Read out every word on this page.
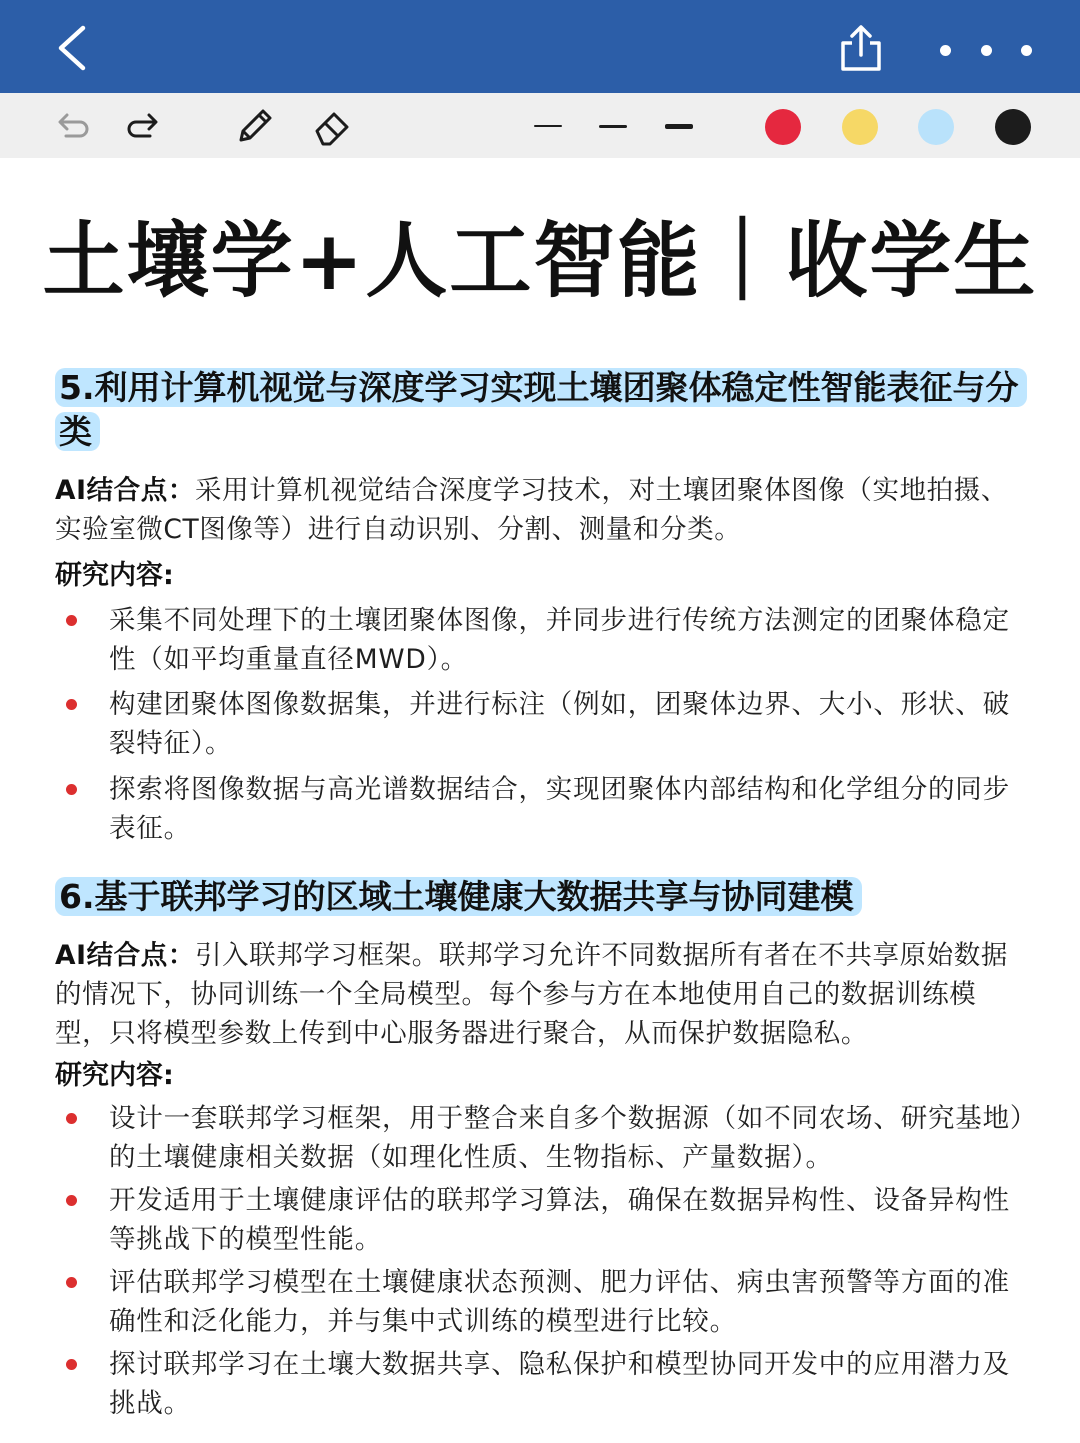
土壤学+人工智能｜收学生
5.利用计算机视觉与深度学习实现土壤团聚体稳定性智能表征与分类

AI结合点：采用计算机视觉结合深度学习技术，对土壤团聚体图像（实地拍摄、实验室微CT图像等）进行自动识别、分割、测量和分类。

研究内容:

采集不同处理下的土壤团聚体图像，并同步进行传统方法测定的团聚体稳定性（如平均重量直径MWD）。
构建团聚体图像数据集，并进行标注（例如，团聚体边界、大小、形状、破裂特征）。
探索将图像数据与高光谱数据结合，实现团聚体内部结构和化学组分的同步表征。
6.基于联邦学习的区域土壤健康大数据共享与协同建模

AI结合点：引入联邦学习框架。联邦学习允许不同数据所有者在不共享原始数据的情况下，协同训练一个全局模型。每个参与方在本地使用自己的数据训练模型，只将模型参数上传到中心服务器进行聚合，从而保护数据隐私。

研究内容:

设计一套联邦学习框架，用于整合来自多个数据源（如不同农场、研究基地）的土壤健康相关数据（如理化性质、生物指标、产量数据）。
开发适用于土壤健康评估的联邦学习算法，确保在数据异构性、设备异构性等挑战下的模型性能。
评估联邦学习模型在土壤健康状态预测、肥力评估、病虫害预警等方面的准确性和泛化能力，并与集中式训练的模型进行比较。
探讨联邦学习在土壤大数据共享、隐私保护和模型协同开发中的应用潜力及挑战。
